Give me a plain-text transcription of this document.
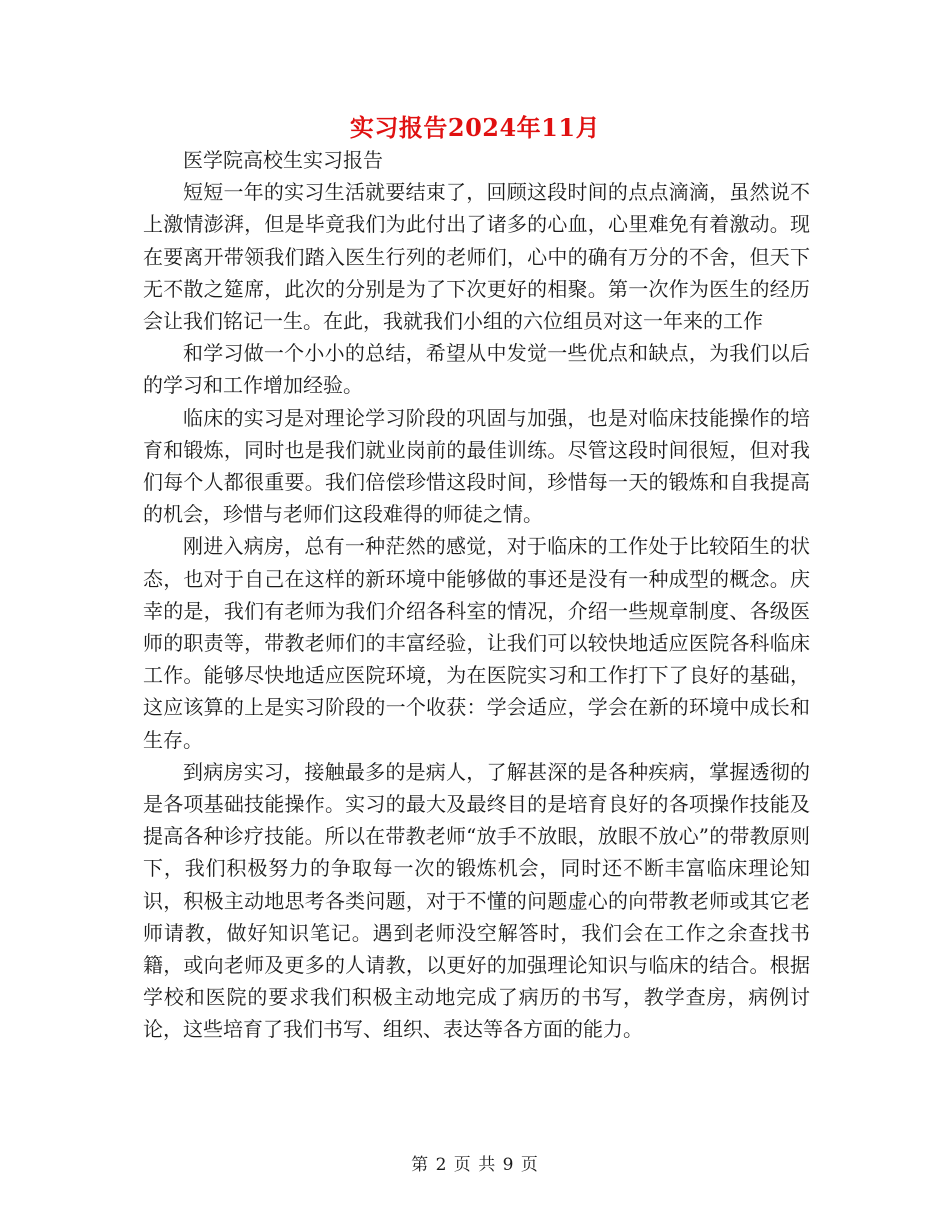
实习报告2024年11月

医学院高校生实习报告

短短一年的实习生活就要结束了，回顾这段时间的点点滴滴，虽然说不上激情澎湃，但是毕竟我们为此付出了诸多的心血，心里难免有着激动。现在要离开带领我们踏入医生行列的老师们，心中的确有万分的不舍，但天下无不散之筵席，此次的分别是为了下次更好的相聚。第一次作为医生的经历会让我们铭记一生。在此，我就我们小组的六位组员对这一年来的工作

和学习做一个小小的总结，希望从中发觉一些优点和缺点，为我们以后的学习和工作增加经验。

临床的实习是对理论学习阶段的巩固与加强，也是对临床技能操作的培育和锻炼，同时也是我们就业岗前的最佳训练。尽管这段时间很短，但对我们每个人都很重要。我们倍偿珍惜这段时间，珍惜每一天的锻炼和自我提高的机会，珍惜与老师们这段难得的师徒之情。

刚进入病房，总有一种茫然的感觉，对于临床的工作处于比较陌生的状态，也对于自己在这样的新环境中能够做的事还是没有一种成型的概念。庆幸的是，我们有老师为我们介绍各科室的情况，介绍一些规章制度、各级医师的职责等，带教老师们的丰富经验，让我们可以较快地适应医院各科临床工作。能够尽快地适应医院环境，为在医院实习和工作打下了良好的基础，这应该算的上是实习阶段的一个收获：学会适应，学会在新的环境中成长和生存。

到病房实习，接触最多的是病人，了解甚深的是各种疾病，掌握透彻的是各项基础技能操作。实习的最大及最终目的是培育良好的各项操作技能及提高各种诊疗技能。所以在带教老师“放手不放眼，放眼不放心”的带教原则下，我们积极努力的争取每一次的锻炼机会，同时还不断丰富临床理论知识，积极主动地思考各类问题，对于不懂的问题虚心的向带教老师或其它老师请教，做好知识笔记。遇到老师没空解答时，我们会在工作之余查找书籍，或向老师及更多的人请教，以更好的加强理论知识与临床的结合。根据学校和医院的要求我们积极主动地完成了病历的书写，教学查房，病例讨论，这些培育了我们书写、组织、表达等各方面的能力。

第 2 页 共 9 页
